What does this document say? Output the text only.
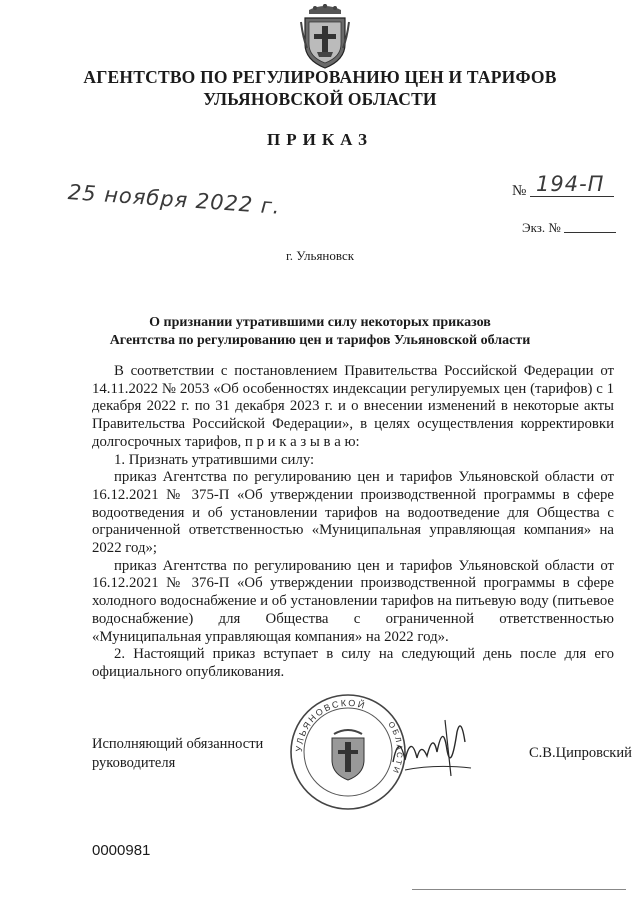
АГЕНТСТВО ПО РЕГУЛИРОВАНИЮ ЦЕН И ТАРИФОВ
УЛЬЯНОВСКОЙ ОБЛАСТИ
ПРИКАЗ
25 ноября 2022 г.	№ 194-П
Экз. №
г. Ульяновск
О признании утратившими силу некоторых приказов
Агентства по регулированию цен и тарифов Ульяновской области

В соответствии с постановлением Правительства Российской Федерации от 14.11.2022 № 2053 «Об особенностях индексации регулируемых цен (тарифов) с 1 декабря 2022 г. по 31 декабря 2023 г. и о внесении изменений в некоторые акты Правительства Российской Федерации», в целях осуществления корректировки долгосрочных тарифов, п р и к а з ы в а ю:

1. Признать утратившими силу:

приказ Агентства по регулированию цен и тарифов Ульяновской области от 16.12.2021 № 375-П «Об утверждении производственной программы в сфере водоотведения и об установлении тарифов на водоотведение для Общества с ограниченной ответственностью «Муниципальная управляющая компания» на 2022 год»;

приказ Агентства по регулированию цен и тарифов Ульяновской области от 16.12.2021 № 376-П «Об утверждении производственной программы в сфере холодного водоснабжение и об установлении тарифов на питьевую воду (питьевое водоснабжение) для Общества с ограниченной ответственностью «Муниципальная управляющая компания» на 2022 год».

2. Настоящий приказ вступает в силу на следующий день после для его официального опубликования.

Исполняющий обязанности
руководителя
УЛЬЯНОВСКОЙ
ОБЛАСТИ
С.В.Ципровский
0000981
